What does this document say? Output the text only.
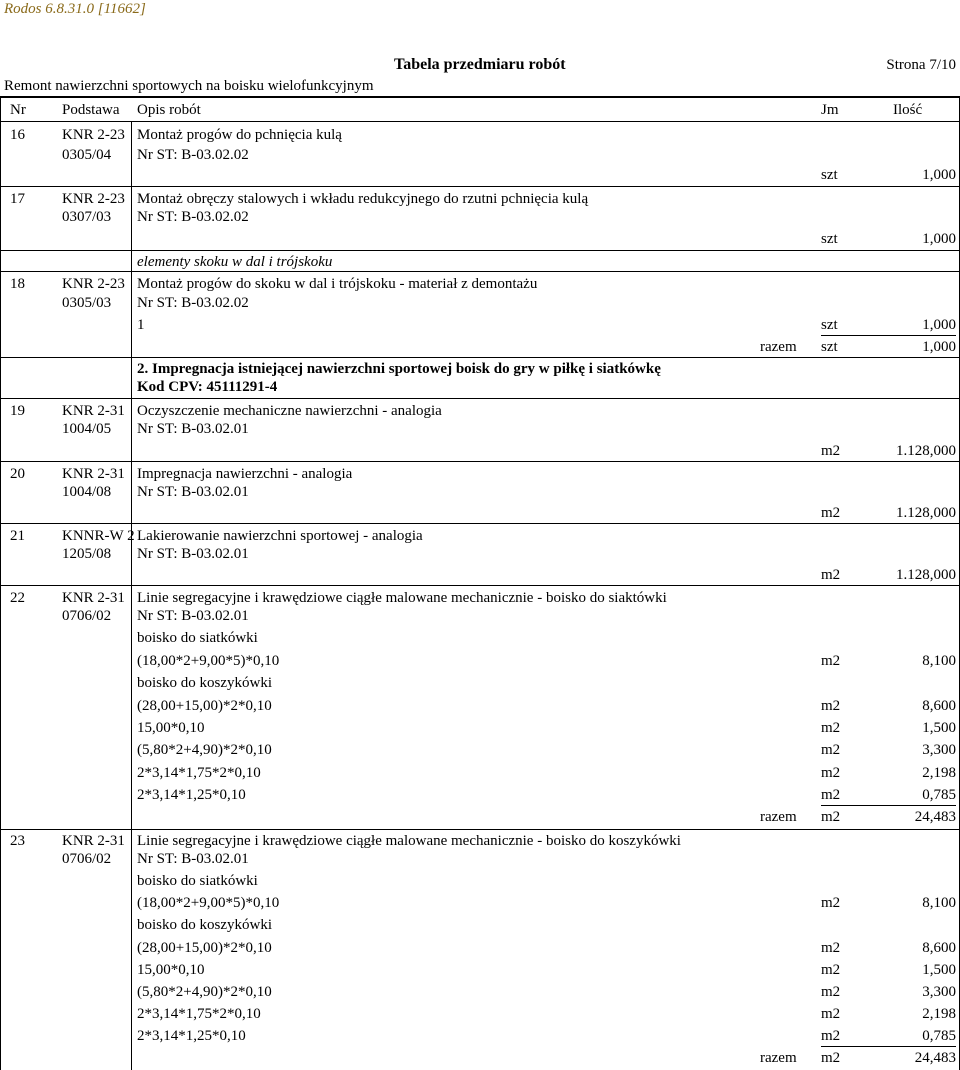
Rodos 6.8.31.0 [11662]
Tabela przedmiaru robót	Strona 7/10
Remont nawierzchni sportowych na boisku wielofunkcyjnym
Nr Podstawa Opis robót	Jm	Ilość
16 KNR 2-23
0305/04
Montaż progów do pchnięcia kulą
Nr ST: B-03.02.02
szt	1,000
17 KNR 2-23
0307/03
Montaż obręczy stalowych i wkładu redukcyjnego do rzutni pchnięcia kulą
Nr ST: B-03.02.02
szt	1,000
elementy skoku w dal i trójskoku
18 KNR 2-23
0305/03
Montaż progów do skoku w dal i trójskoku - materiał z demontażu
Nr ST: B-03.02.02
1	szt	1,000
razem szt	1,000
2. Impregnacja istniejącej nawierzchni sportowej boisk do gry w piłkę i siatkówkę
Kod CPV: 45111291-4
19 KNR 2-31
1004/05
Oczyszczenie mechaniczne nawierzchni - analogia
Nr ST: B-03.02.01
m2	1.128,000
20 KNR 2-31
1004/08
Impregnacja nawierzchni - analogia
Nr ST: B-03.02.01
m2	1.128,000
21 KNNR-W 2
1205/08
Lakierowanie nawierzchni sportowej - analogia
Nr ST: B-03.02.01
m2	1.128,000
22 KNR 2-31
0706/02
Linie segregacyjne i krawędziowe ciągłe malowane mechanicznie - boisko do siaktówki
Nr ST: B-03.02.01
boisko do siatkówki
(18,00*2+9,00*5)*0,10	m2	8,100
boisko do koszykówki
(28,00+15,00)*2*0,10	m2	8,600
15,00*0,10	m2	1,500
(5,80*2+4,90)*2*0,10	m2	3,300
2*3,14*1,75*2*0,10	m2	2,198
2*3,14*1,25*0,10	m2	0,785
razem m2	24,483
23 KNR 2-31
0706/02
Linie segregacyjne i krawędziowe ciągłe malowane mechanicznie - boisko do koszykówki
Nr ST: B-03.02.01
boisko do siatkówki
(18,00*2+9,00*5)*0,10	m2	8,100
boisko do koszykówki
(28,00+15,00)*2*0,10	m2	8,600
15,00*0,10	m2	1,500
(5,80*2+4,90)*2*0,10	m2	3,300
2*3,14*1,75*2*0,10	m2	2,198
2*3,14*1,25*0,10	m2	0,785
razem m2	24,483
